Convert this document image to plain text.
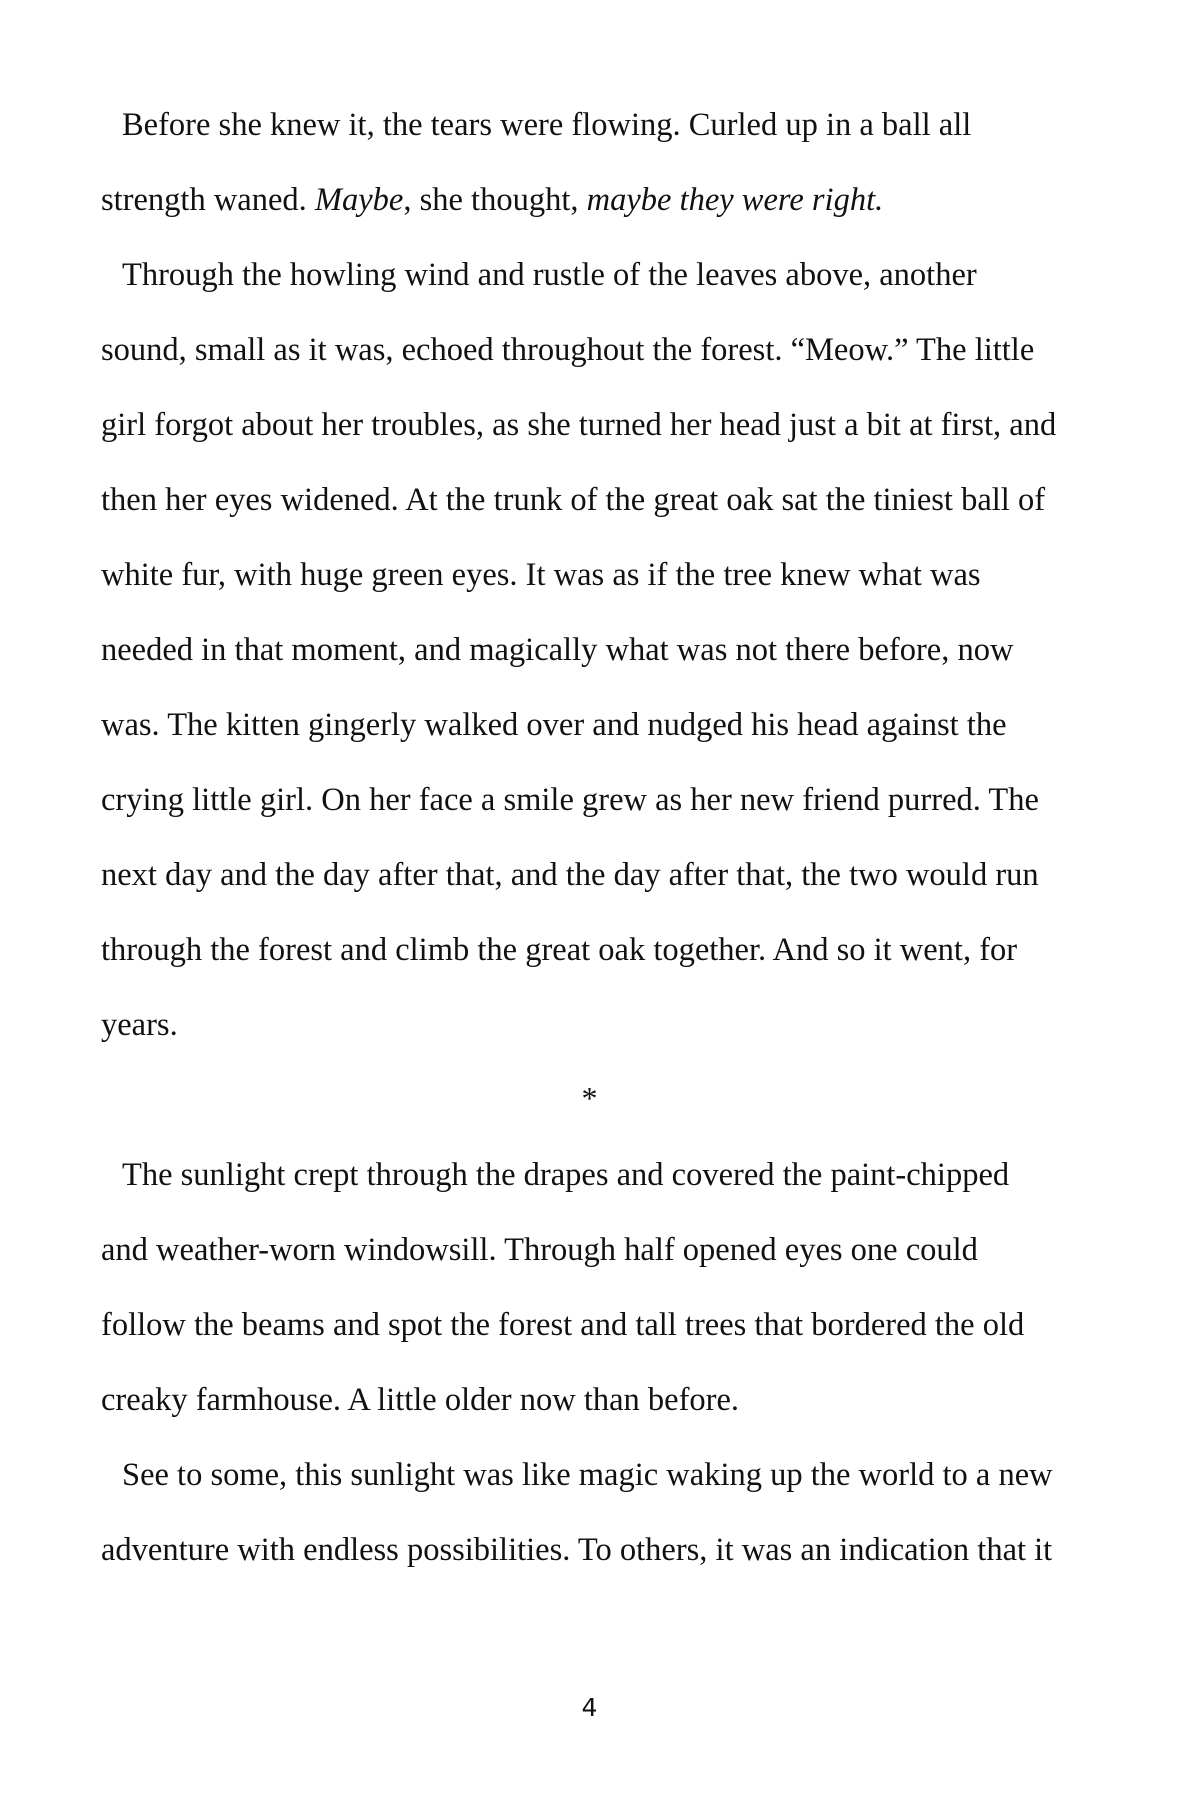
Before she knew it, the tears were flowing. Curled up in a ball all
strength waned. Maybe, she thought, maybe they were right.
Through the howling wind and rustle of the leaves above, another
sound, small as it was, echoed throughout the forest. “Meow.” The little
girl forgot about her troubles, as she turned her head just a bit at first, and
then her eyes widened. At the trunk of the great oak sat the tiniest ball of
white fur, with huge green eyes. It was as if the tree knew what was
needed in that moment, and magically what was not there before, now
was. The kitten gingerly walked over and nudged his head against the
crying little girl. On her face a smile grew as her new friend purred. The
next day and the day after that, and the day after that, the two would run
through the forest and climb the great oak together. And so it went, for
years.
*
The sunlight crept through the drapes and covered the paint-chipped
and weather-worn windowsill. Through half opened eyes one could
follow the beams and spot the forest and tall trees that bordered the old
creaky farmhouse. A little older now than before.
See to some, this sunlight was like magic waking up the world to a new
adventure with endless possibilities. To others, it was an indication that it
4
